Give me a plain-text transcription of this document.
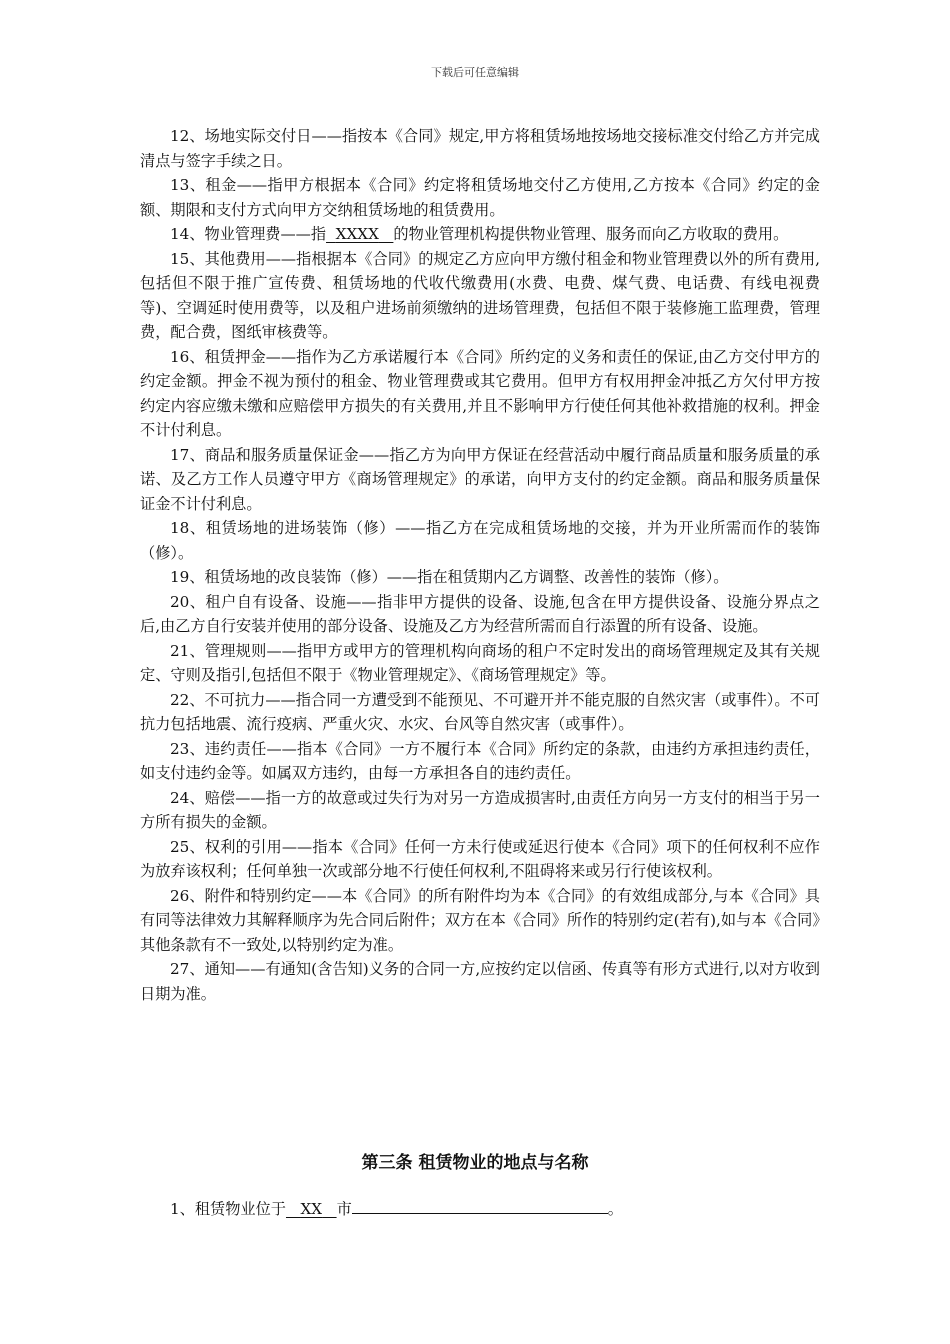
下载后可任意编辑

12、场地实际交付日——指按本《合同》规定,甲方将租赁场地按场地交接标准交付给乙方并完成清点与签字手续之日。

13、租金——指甲方根据本《合同》约定将租赁场地交付乙方使用,乙方按本《合同》约定的金额、期限和支付方式向甲方交纳租赁场地的租赁费用。

14、物业管理费——指 XXXX 的物业管理机构提供物业管理、服务而向乙方收取的费用。

15、其他费用——指根据本《合同》的规定乙方应向甲方缴付租金和物业管理费以外的所有费用,包括但不限于推广宣传费、租赁场地的代收代缴费用(水费、电费、煤气费、电话费、有线电视费等)、空调延时使用费等，以及租户进场前须缴纳的进场管理费，包括但不限于装修施工监理费，管理费，配合费，图纸审核费等。

16、租赁押金——指作为乙方承诺履行本《合同》所约定的义务和责任的保证,由乙方交付甲方的约定金额。押金不视为预付的租金、物业管理费或其它费用。但甲方有权用押金冲抵乙方欠付甲方按约定内容应缴未缴和应赔偿甲方损失的有关费用,并且不影响甲方行使任何其他补救措施的权利。押金不计付利息。

17、商品和服务质量保证金——指乙方为向甲方保证在经营活动中履行商品质量和服务质量的承诺、及乙方工作人员遵守甲方《商场管理规定》的承诺，向甲方支付的约定金额。商品和服务质量保证金不计付利息。

18、租赁场地的进场装饰（修）——指乙方在完成租赁场地的交接，并为开业所需而作的装饰（修）。

19、租赁场地的改良装饰（修）——指在租赁期内乙方调整、改善性的装饰（修）。

20、租户自有设备、设施——指非甲方提供的设备、设施,包含在甲方提供设备、设施分界点之后,由乙方自行安装并使用的部分设备、设施及乙方为经营所需而自行添置的所有设备、设施。

21、管理规则——指甲方或甲方的管理机构向商场的租户不定时发出的商场管理规定及其有关规定、守则及指引,包括但不限于《物业管理规定》、《商场管理规定》等。

22、不可抗力——指合同一方遭受到不能预见、不可避开并不能克服的自然灾害（或事件）。不可抗力包括地震、流行疫病、严重火灾、水灾、台风等自然灾害（或事件）。

23、违约责任——指本《合同》一方不履行本《合同》所约定的条款，由违约方承担违约责任，如支付违约金等。如属双方违约，由每一方承担各自的违约责任。

24、赔偿——指一方的故意或过失行为对另一方造成损害时,由责任方向另一方支付的相当于另一方所有损失的金额。

25、权利的引用——指本《合同》任何一方未行使或延迟行使本《合同》项下的任何权利不应作为放弃该权利；任何单独一次或部分地不行使任何权利,不阻碍将来或另行行使该权利。

26、附件和特别约定——本《合同》的所有附件均为本《合同》的有效组成部分,与本《合同》具有同等法律效力其解释顺序为先合同后附件；双方在本《合同》所作的特别约定(若有),如与本《合同》其他条款有不一致处,以特别约定为准。

27、通知——有通知(含告知)义务的合同一方,应按约定以信函、传真等有形方式进行,以对方收到日期为准。

第三条 租赁物业的地点与名称

1、租赁物业位于 XX 市	。
